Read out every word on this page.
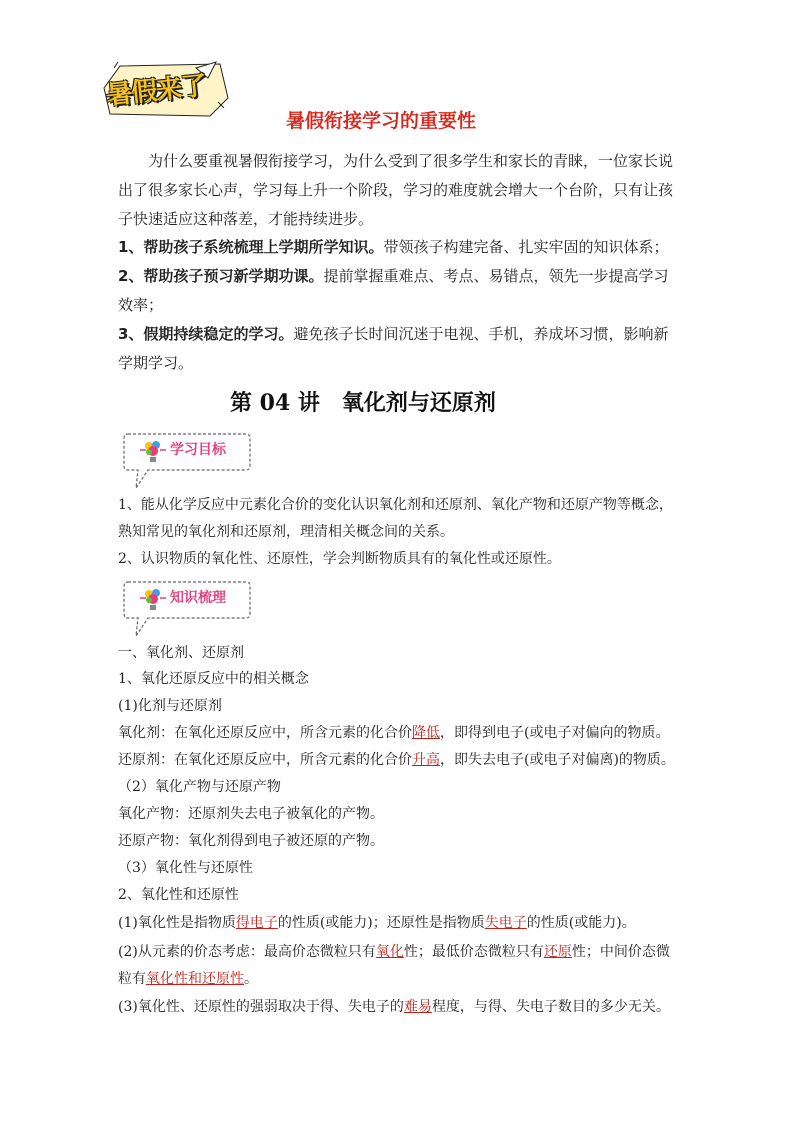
暑假来了
暑假衔接学习的重要性
为什么要重视暑假衔接学习，为什么受到了很多学生和家长的青睐，一位家长说出了很多家长心声，学习每上升一个阶段，学习的难度就会增大一个台阶，只有让孩子快速适应这种落差，才能持续进步。
1、帮助孩子系统梳理上学期所学知识。带领孩子构建完备、扎实牢固的知识体系；
2、帮助孩子预习新学期功课。提前掌握重难点、考点、易错点，领先一步提高学习效率；
3、假期持续稳定的学习。避免孩子长时间沉迷于电视、手机，养成坏习惯，影响新学期学习。
第 04 讲　氧化剂与还原剂
学习目标
1、能从化学反应中元素化合价的变化认识氧化剂和还原剂、氧化产物和还原产物等概念，熟知常见的氧化剂和还原剂，理清相关概念间的关系。
2、认识物质的氧化性、还原性，学会判断物质具有的氧化性或还原性。
知识梳理
一、氧化剂、还原剂
1、氧化还原反应中的相关概念
(1)化剂与还原剂
氧化剂：在氧化还原反应中，所含元素的化合价降低，即得到电子(或电子对偏向的物质。
还原剂：在氧化还原反应中，所含元素的化合价升高，即失去电子(或电子对偏离)的物质。
（2）氧化产物与还原产物
氧化产物：还原剂失去电子被氧化的产物。
还原产物：氧化剂得到电子被还原的产物。
（3）氧化性与还原性
2、氧化性和还原性
(1)氧化性是指物质得电子的性质(或能力)；还原性是指物质失电子的性质(或能力)。
(2)从元素的价态考虑：最高价态微粒只有氧化性；最低价态微粒只有还原性；中间价态微
粒有氧化性和还原性。
(3)氧化性、还原性的强弱取决于得、失电子的难易程度，与得、失电子数目的多少无关。
